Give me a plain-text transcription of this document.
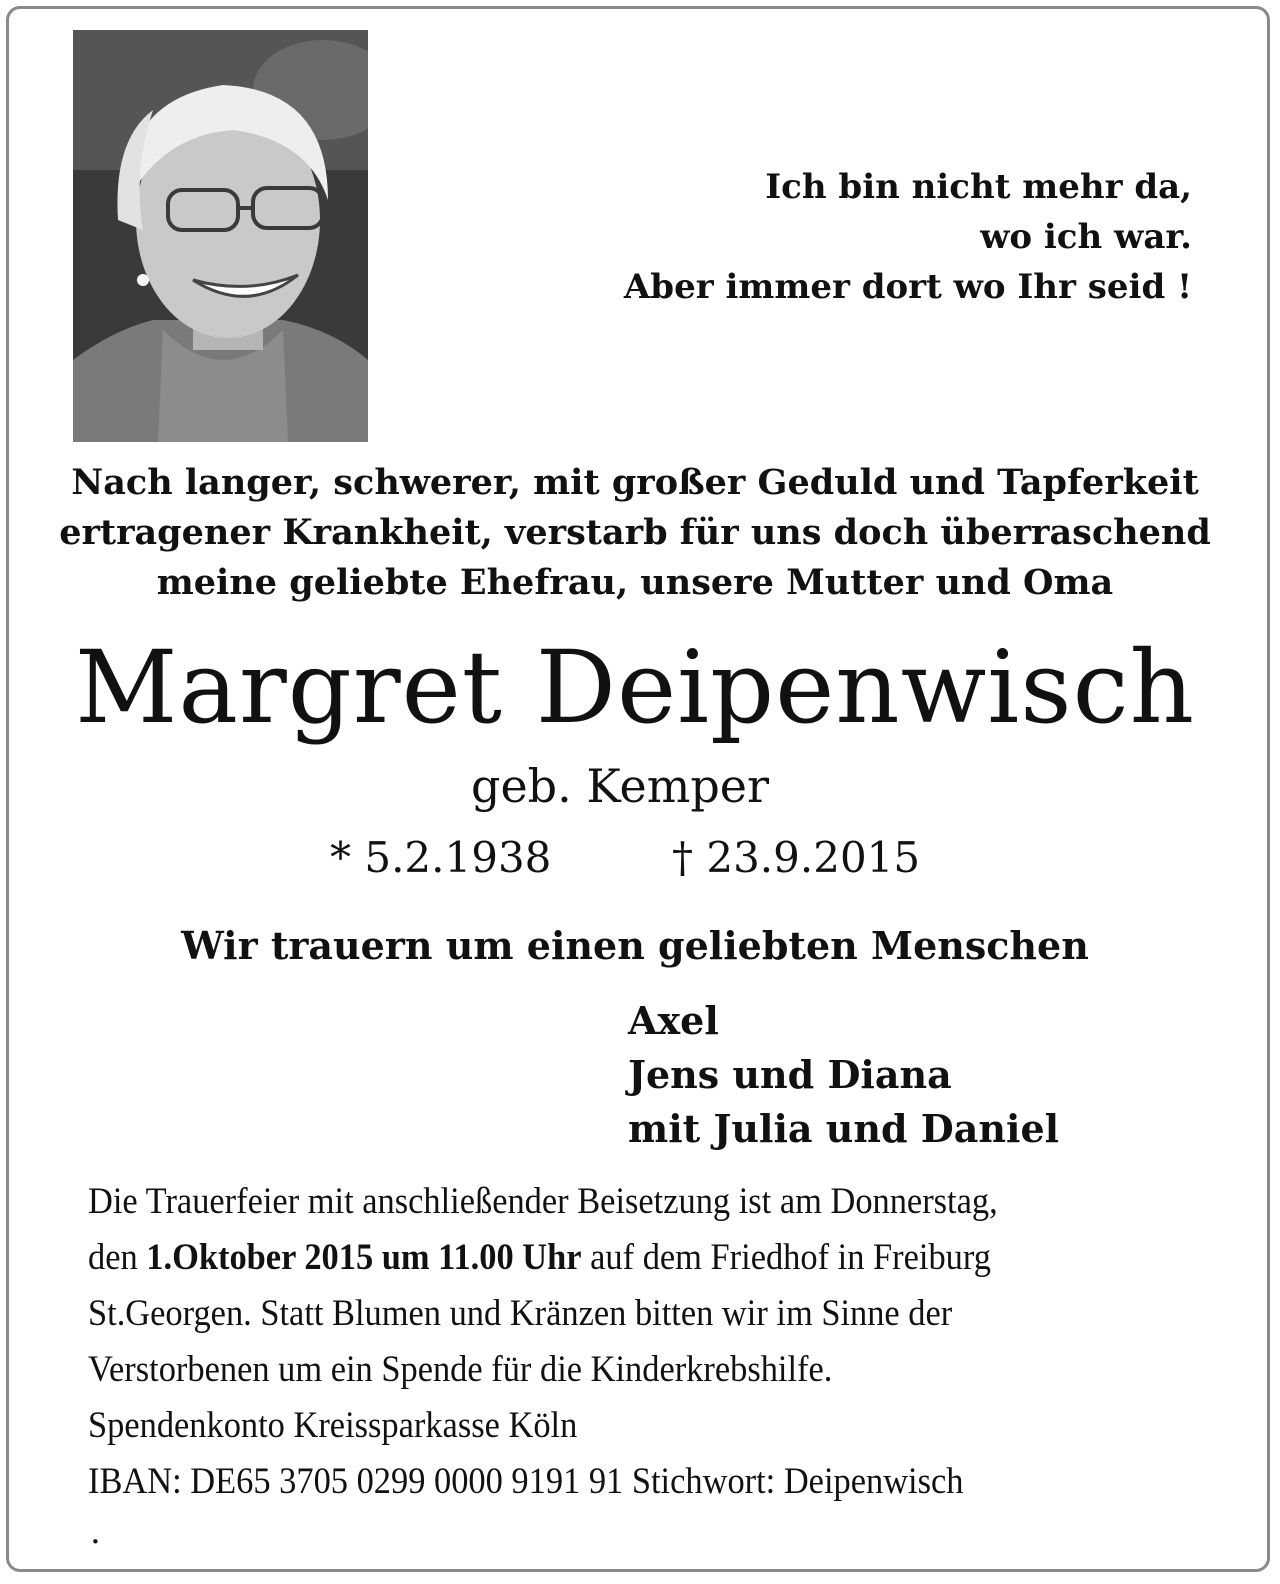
Ich bin nicht mehr da,
wo ich war.
Aber immer dort wo Ihr seid !
Nach langer, schwerer, mit großer Geduld und Tapferkeit
ertragener Krankheit, verstarb für uns doch überraschend
meine geliebte Ehefrau, unsere Mutter und Oma
Margret Deipenwisch
geb. Kemper
* 5.2.1938	† 23.9.2015
Wir trauern um einen geliebten Menschen
Axel
Jens und Diana
mit Julia und Daniel
Die Trauerfeier mit anschließender Beisetzung ist am Donnerstag,
den 1.Oktober 2015 um 11.00 Uhr auf dem Friedhof in Freiburg
St.Georgen. Statt Blumen und Kränzen bitten wir im Sinne der
Verstorbenen um ein Spende für die Kinderkrebshilfe.
Spendenkonto Kreissparkasse Köln
IBAN: DE65 3705 0299 0000 9191 91 Stichwort: Deipenwisch
.
